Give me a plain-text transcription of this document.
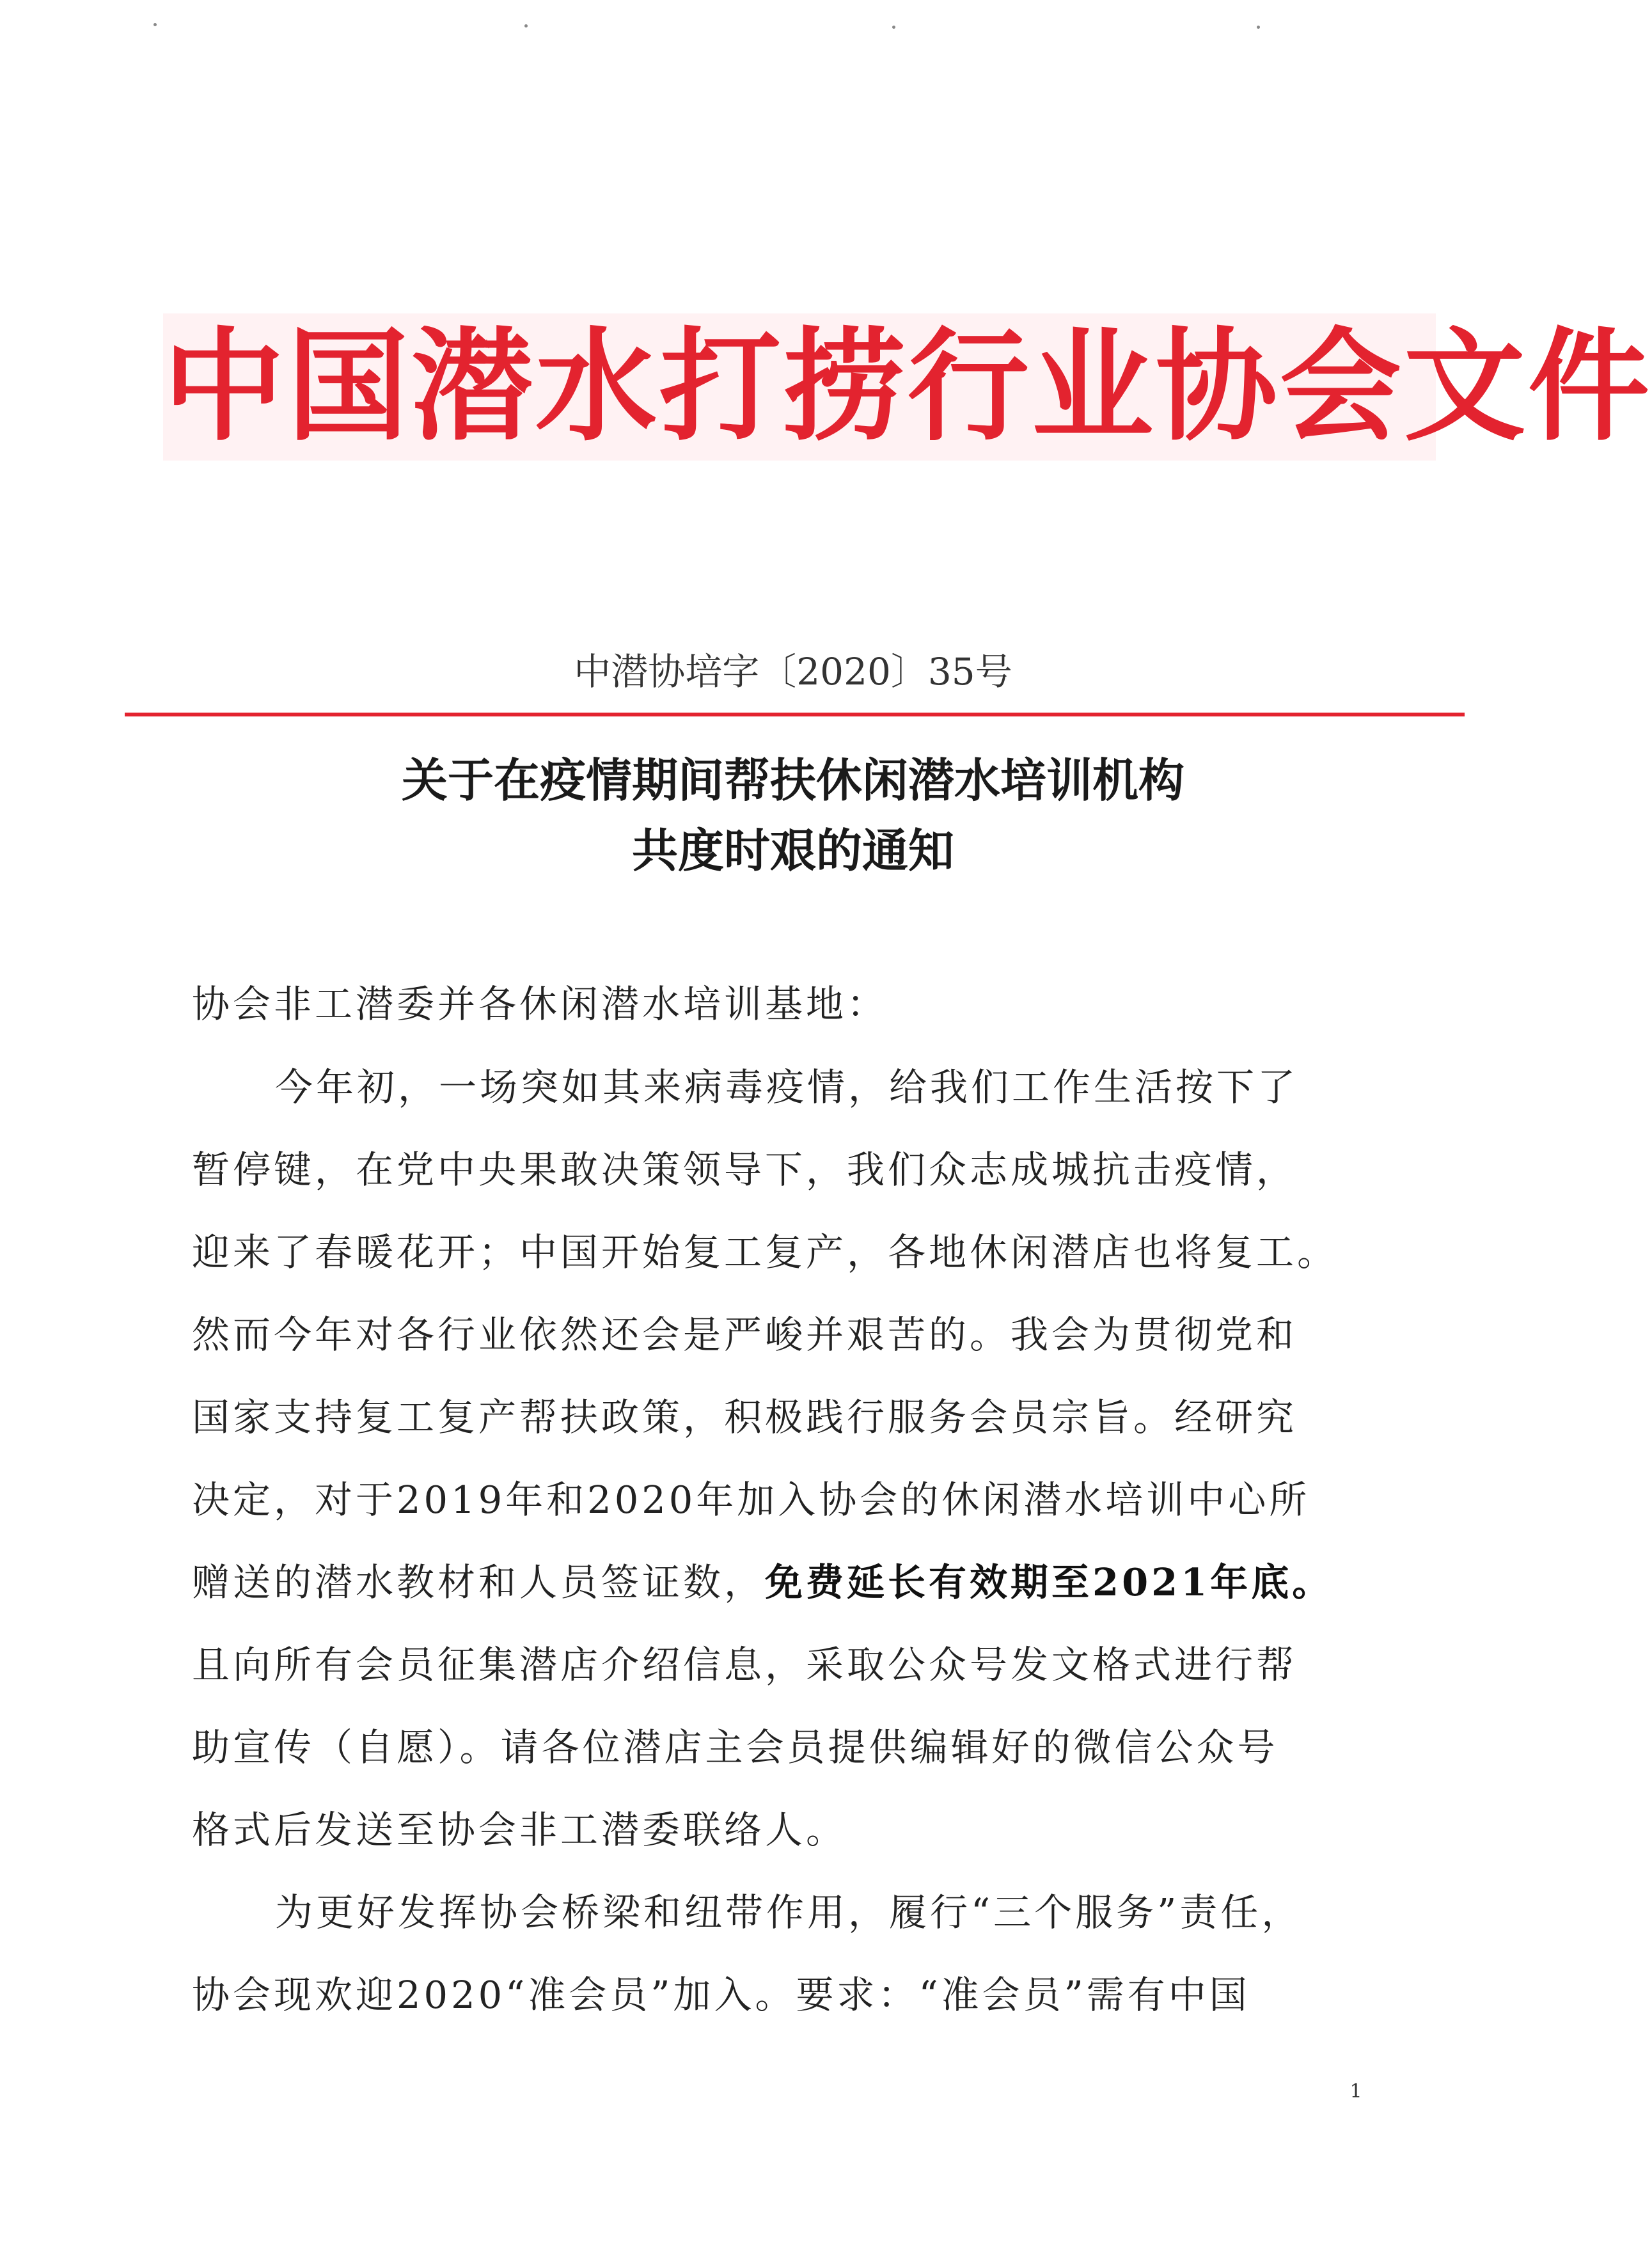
中国潜水打捞行业协会文件
中潜协培字〔2020〕35号
关于在疫情期间帮扶休闲潜水培训机构
共度时艰的通知
协会非工潜委并各休闲潜水培训基地：
今年初，一场突如其来病毒疫情，给我们工作生活按下了
暂停键，在党中央果敢决策领导下，我们众志成城抗击疫情，
迎来了春暖花开；中国开始复工复产，各地休闲潜店也将复工。
然而今年对各行业依然还会是严峻并艰苦的。我会为贯彻党和
国家支持复工复产帮扶政策，积极践行服务会员宗旨。经研究
决定，对于2019年和2020年加入协会的休闲潜水培训中心所
赠送的潜水教材和人员签证数，免费延长有效期至2021年底。
且向所有会员征集潜店介绍信息，采取公众号发文格式进行帮
助宣传（自愿）。请各位潜店主会员提供编辑好的微信公众号
格式后发送至协会非工潜委联络人。
为更好发挥协会桥梁和纽带作用，履行“三个服务”责任，
协会现欢迎2020“准会员”加入。要求：“准会员”需有中国
1
